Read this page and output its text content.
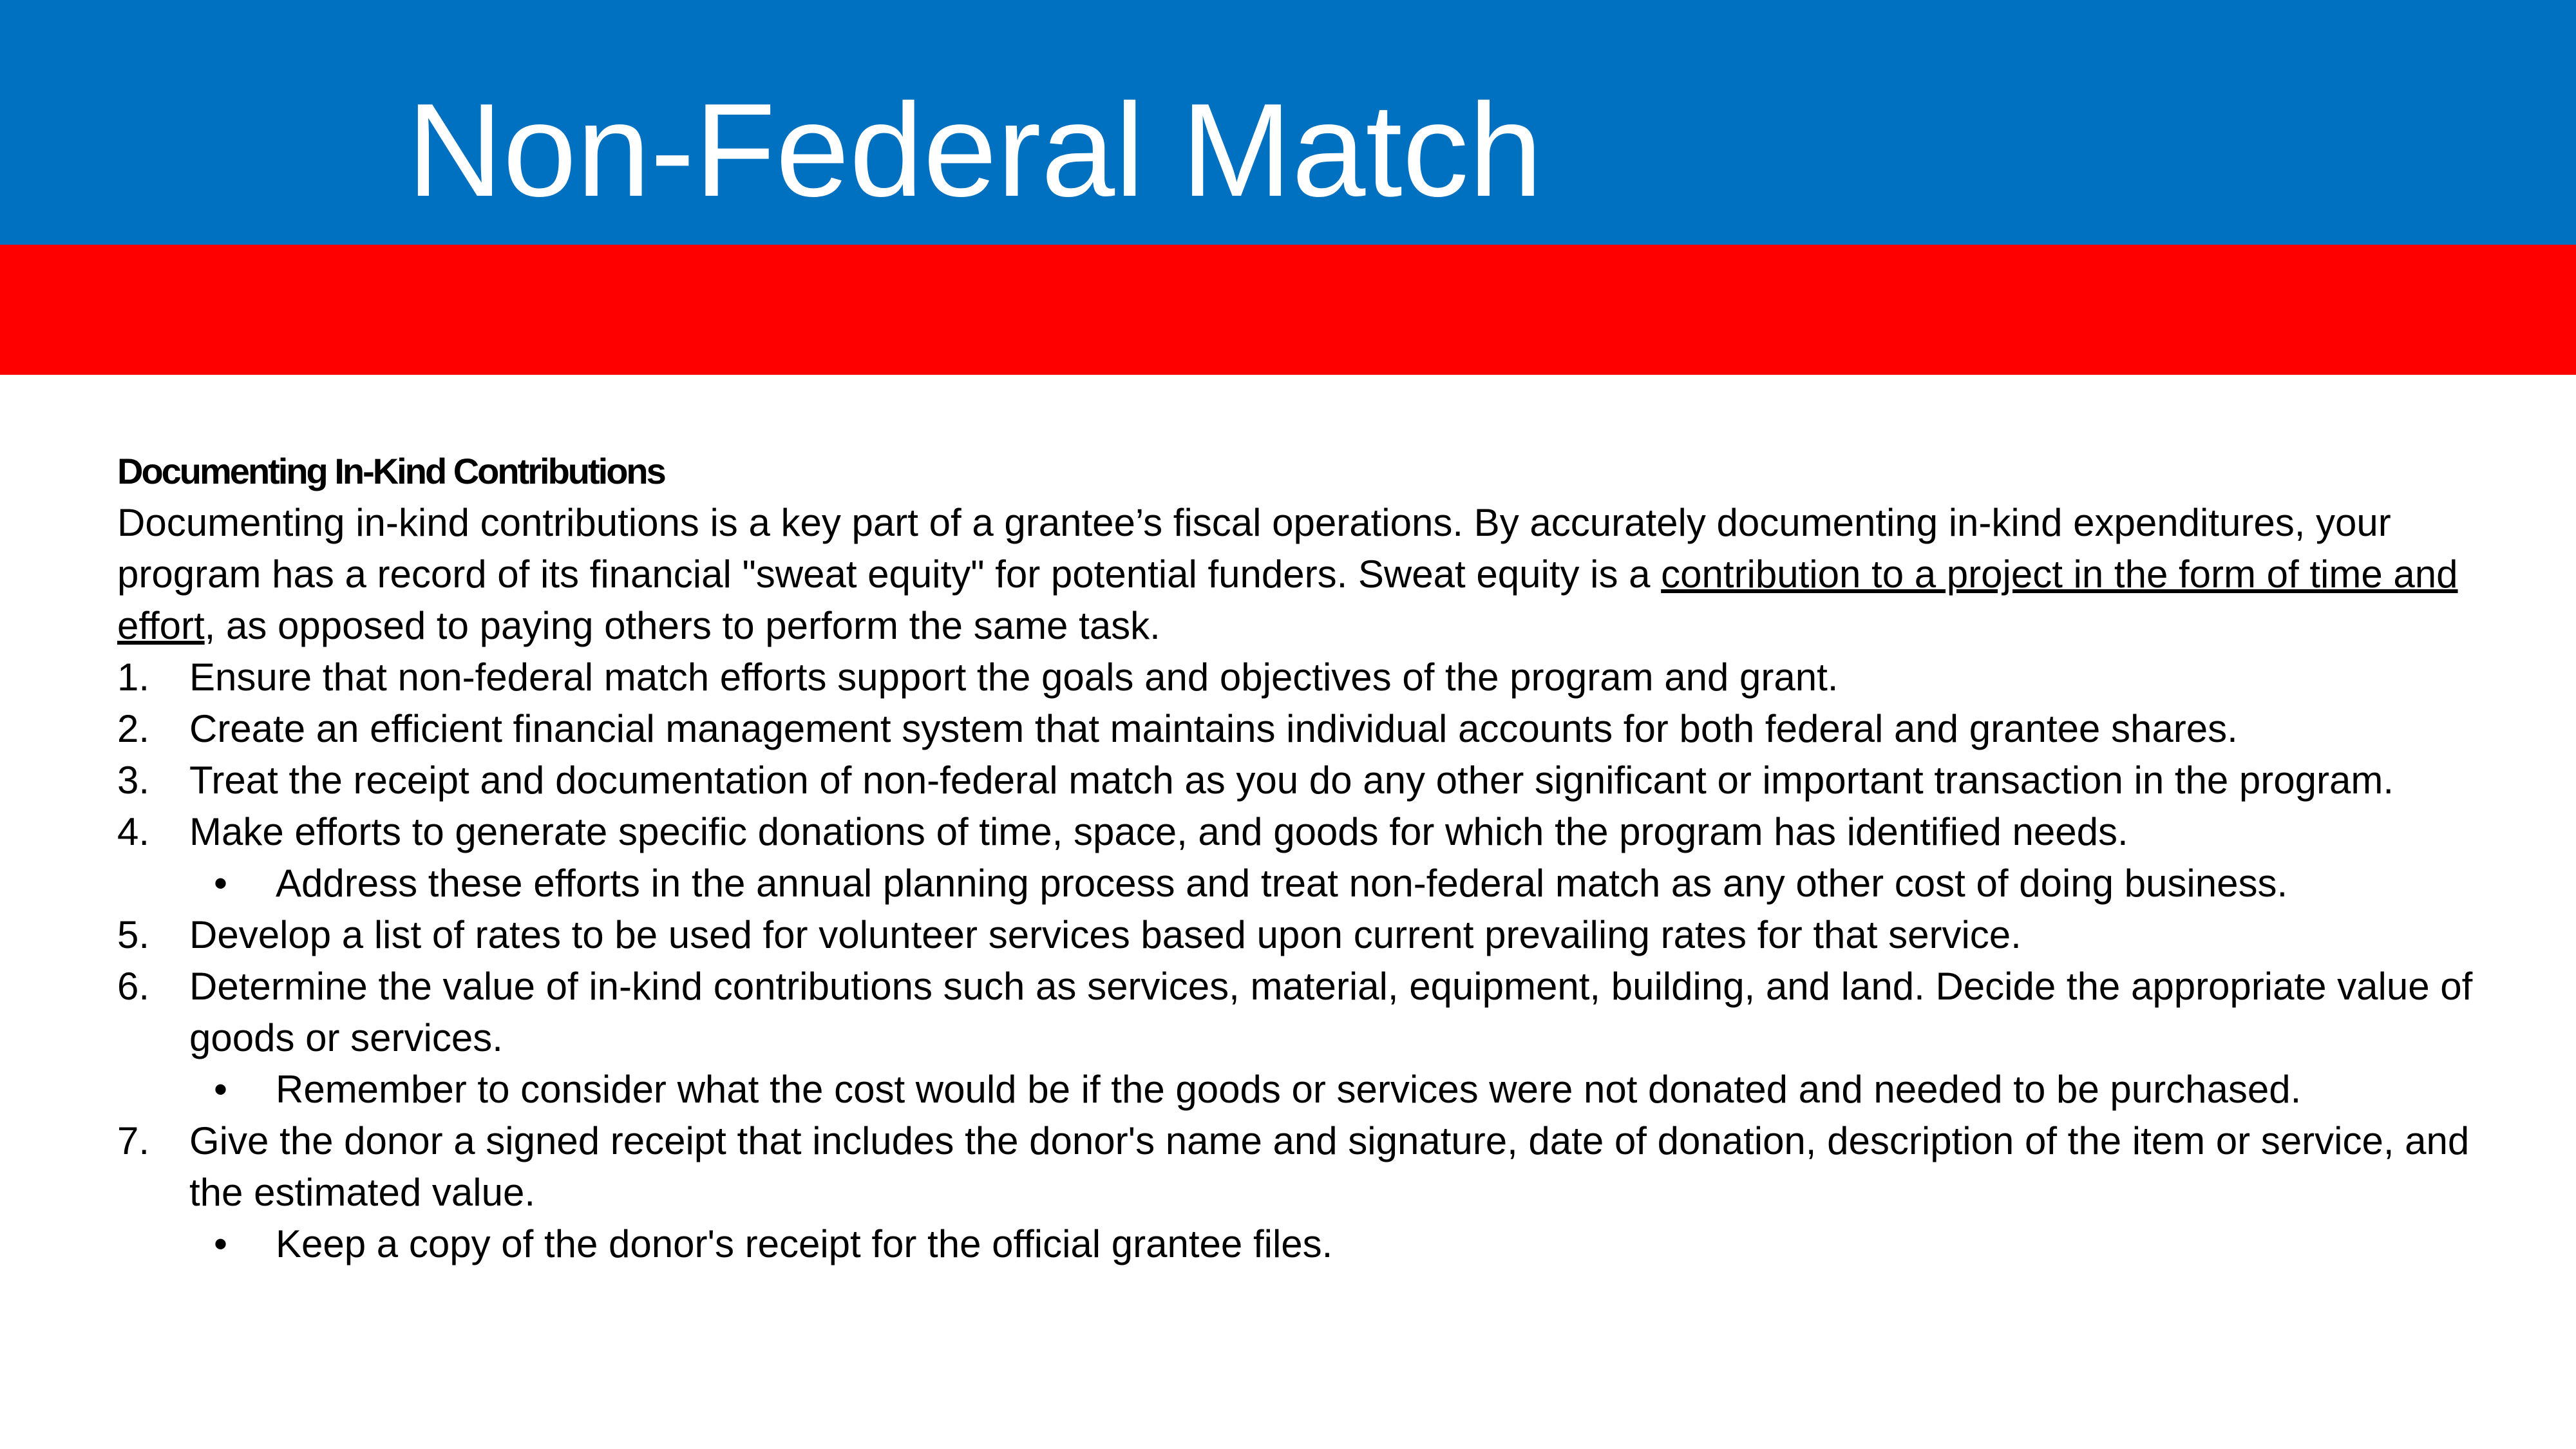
Non-Federal Match

Documenting In-Kind Contributions

Documenting in-kind contributions is a key part of a grantee’s fiscal operations. By accurately documenting in-kind expenditures, your program has a record of its financial "sweat equity" for potential funders. Sweat equity is a contribution to a project in the form of time and effort, as opposed to paying others to perform the same task.

1.	Ensure that non-federal match efforts support the goals and objectives of the program and grant.
2.	Create an efficient financial management system that maintains individual accounts for both federal and grantee shares.
3.	Treat the receipt and documentation of non-federal match as you do any other significant or important transaction in the program.
4.	Make efforts to generate specific donations of time, space, and goods for which the program has identified needs.
•	Address these efforts in the annual planning process and treat non-federal match as any other cost of doing business.
5.	Develop a list of rates to be used for volunteer services based upon current prevailing rates for that service.
6.	Determine the value of in-kind contributions such as services, material, equipment, building, and land. Decide the appropriate value of goods or services.
•	Remember to consider what the cost would be if the goods or services were not donated and needed to be purchased.
7.	Give the donor a signed receipt that includes the donor's name and signature, date of donation, description of the item or service, and the estimated value.
•	Keep a copy of the donor's receipt for the official grantee files.
